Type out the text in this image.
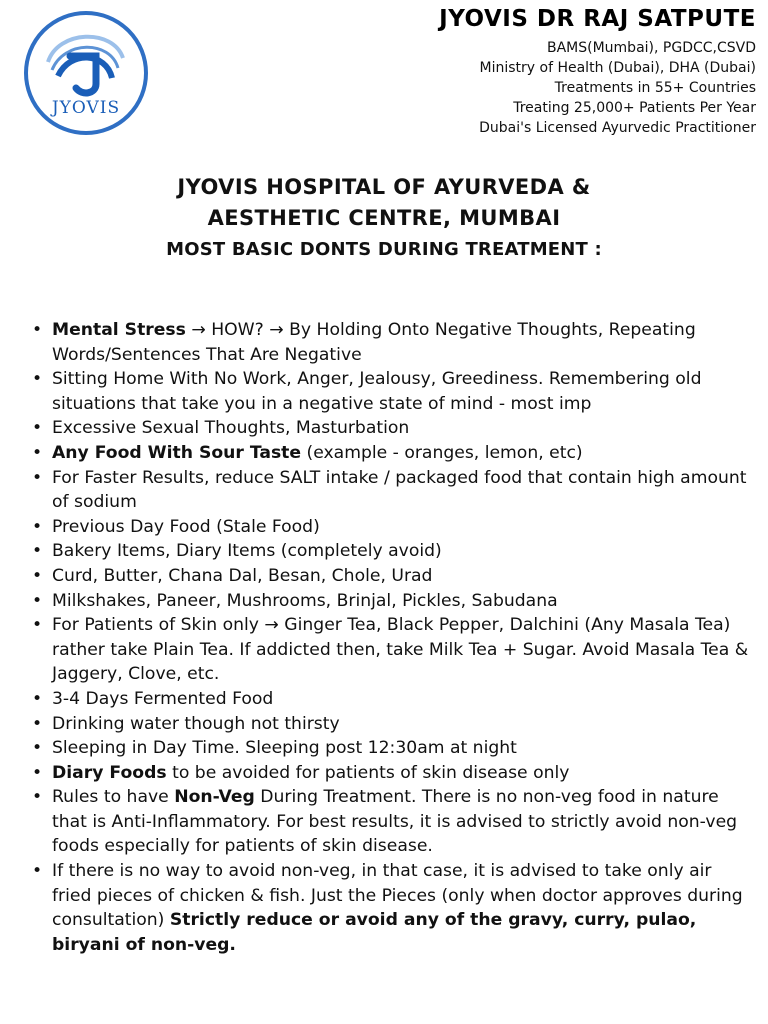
JYOVIS
JYOVIS DR RAJ SATPUTE
BAMS(Mumbai), PGDCC,CSVD
Ministry of Health (Dubai), DHA (Dubai)
Treatments in 55+ Countries
Treating 25,000+ Patients Per Year
Dubai's Licensed Ayurvedic Practitioner
JYOVIS HOSPITAL OF AYURVEDA &
AESTHETIC CENTRE, MUMBAI
MOST BASIC DONTS DURING TREATMENT :
• Mental Stress → HOW? → By Holding Onto Negative Thoughts, Repeating Words/Sentences That Are Negative
• Sitting Home With No Work, Anger, Jealousy, Greediness. Remembering old situations that take you in a negative state of mind - most imp
• Excessive Sexual Thoughts, Masturbation
• Any Food With Sour Taste (example - oranges, lemon, etc)
• For Faster Results, reduce SALT intake / packaged food that contain high amount of sodium
• Previous Day Food (Stale Food)
• Bakery Items, Diary Items (completely avoid)
• Curd, Butter, Chana Dal, Besan, Chole, Urad
• Milkshakes, Paneer, Mushrooms, Brinjal, Pickles, Sabudana
• For Patients of Skin only → Ginger Tea, Black Pepper, Dalchini (Any Masala Tea) rather take Plain Tea. If addicted then, take Milk Tea + Sugar. Avoid Masala Tea & Jaggery, Clove, etc.
• 3-4 Days Fermented Food
• Drinking water though not thirsty
• Sleeping in Day Time. Sleeping post 12:30am at night
• Diary Foods to be avoided for patients of skin disease only
• Rules to have Non-Veg During Treatment. There is no non-veg food in nature that is Anti-Inflammatory. For best results, it is advised to strictly avoid non-veg foods especially for patients of skin disease.
• If there is no way to avoid non-veg, in that case, it is advised to take only air fried pieces of chicken & fish. Just the Pieces (only when doctor approves during consultation) Strictly reduce or avoid any of the gravy, curry, pulao, biryani of non-veg.
